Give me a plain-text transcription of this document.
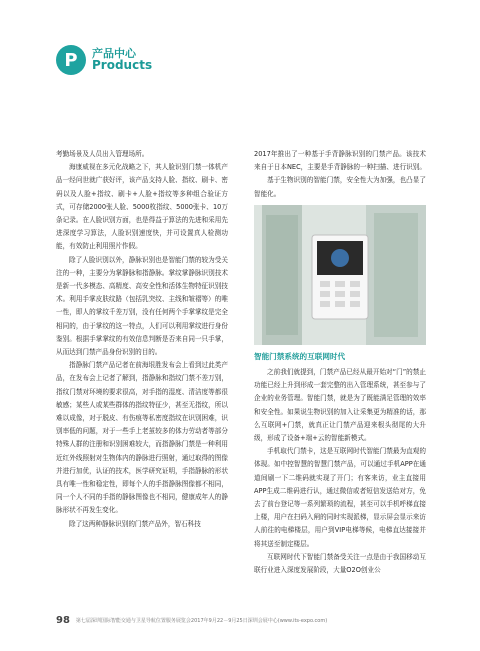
P	产品中心
Products

考勤场景及人员出入管理场所。

海康威视在多元化战略之下，其人脸识别门禁一体机产品一经问世就广获好评，该产品支持人脸、指纹、刷卡、密码以及人脸+指纹、刷卡+人脸+指纹等多种组合验证方式，可存储2000张人脸、5000枚指纹、5000张卡、10万条记录。在人脸识别方面，也是得益于算法的先进和采用先进深度学习算法，人脸识别速度快，并可设置真人检测功能，有效防止利用照片作假。

除了人脸识别以外，静脉识别也是智能门禁的较为受关注的一种，主要分为掌静脉和指静脉。掌纹掌静脉识别技术是新一代多模态、高精度、高安全性和活体生物特征识别技术。利用手掌皮肤纹路（包括乳突纹、主线和皱褶等）的唯一性，即人的掌纹千差万别，没有任何两个手掌掌纹是完全相同的，由于掌纹的这一特点，人们可以利用掌纹进行身份鉴别。根据手掌掌纹的有效信息判断是否来自同一只手掌，从而达到门禁产品身份识别的目的。

指静脉门禁产品记者在前海垠胜发布会上看到过此类产品，在发布会上记者了解到，指静脉和指纹门禁不差万别，指纹门禁对环境的要求很高，对手指的湿度、清洁度等都很敏感；某些人或某些群体的指纹特征少，甚至无指纹，所以难以成像，对于脱皮、有伤痕等私密度指纹在识别困难，识别率低的问题，对于一些手上老茧较多的体力劳动者等部分特殊人群的注册和识别困难较大，而指静脉门禁是一种利用近红外线照射对生物体内的静脉进行照射，通过取得的图像并进行加优，认证的技术，医学研究证明，手指静脉的形状具有唯一性和稳定性，即每个人的手指静脉图像都不相同，同一个人不同的手指的静脉图像也不相同，健康成年人的静脉形状不再发生变化。

除了这两种静脉识别的门禁产品外，智石科技

2017年推出了一种基于手背静脉识别的门禁产品。该技术来自于日本NEC，主要是手背静脉的一种扫描、进行识别。

基于生物识别的智能门禁，安全性大为加强，也凸显了智能化。

智能门禁系统的互联网时代

之前我们就提到，门禁产品已经从最开始对“门”的禁止功能已经上升到形成一套完整的出入管理系统，甚至参与了企业的业务管理。智能门禁，就是为了既能满足管理的效率和安全性。如果说生物识别的加入让采集更为精准的话，那么互联网+门禁，就真正让门禁产品迎来根头彻尾的大升级，形成了设备+端+云的智能新模式。

手机取代门禁卡，这是互联网时代智能门禁最为直观的体现。如中控智慧的智慧门禁产品，可以通过手机APP在通道间刷一下二维码就实现了开门；有客来访，业主直接用APP生成二维码进行认，通过微信或者短信发送给对方，免去了前台登记等一系列繁琐的流程，甚至可以手机呼梯直接上楼，用户在扫码入闸的同时实现派梯，显示屏会显示来访人前往的电梯楼层，用户到VIP电梯等候，电梯直达接接并将其送至制定楼层。

互联网时代下智能门禁备受关注一点是由于我国移动互联行业进入深度发展阶段，大量O2O创业公

98 第七届深圳国际智能交通与卫星导航位置服务展览会2017年9月22－9月25日深圳会展中心(www.its-expo.com)
